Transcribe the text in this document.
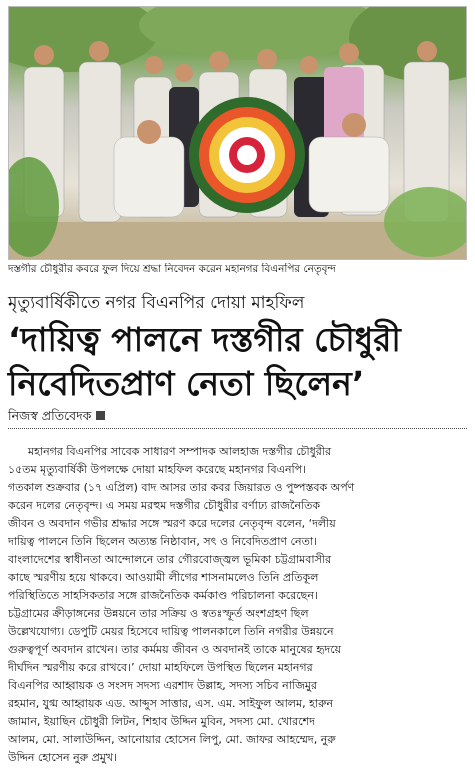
দস্তগীর চৌধুরীর কবরে ফুল দিয়ে শ্রদ্ধা নিবেদন করেন মহানগর বিএনপির নেতৃবৃন্দ
মৃত্যুবার্ষিকীতে নগর বিএনপির দোয়া মাহফিল
‘দায়িত্ব পালনে দস্তগীর চৌধুরী
নিবেদিতপ্রাণ নেতা ছিলেন’
নিজস্ব প্রতিবেদক
মহানগর বিএনপির সাবেক সাধারণ সম্পাদক আলহাজ দস্তগীর চৌধুরীর
১৫তম মৃত্যুবার্ষিকী উপলক্ষে দোয়া মাহফিল করেছে মহানগর বিএনপি।
গতকাল শুক্রবার (১৭ এপ্রিল) বাদ আসর তার কবর জিয়ারত ও পুষ্পস্তবক অর্পণ
করেন দলের নেতৃবৃন্দ। এ সময় মরহুম দস্তগীর চৌধুরীর বর্ণাঢ্য রাজনৈতিক
জীবন ও অবদান গভীর শ্রদ্ধার সঙ্গে স্মরণ করে দলের নেতৃবৃন্দ বলেন, ‘দলীয়
দায়িত্ব পালনে তিনি ছিলেন অত্যন্ত নিষ্ঠাবান, সৎ ও নিবেদিতপ্রাণ নেতা।
বাংলাদেশের স্বাধীনতা আন্দোলনে তার গৌরবোজ্জ্বল ভূমিকা চট্টগ্রামবাসীর
কাছে স্মরণীয় হয়ে থাকবে। আওয়ামী লীগের শাসনামলেও তিনি প্রতিকূল
পরিস্থিতিতে সাহসিকতার সঙ্গে রাজনৈতিক কর্মকাণ্ড পরিচালনা করেছেন।
চট্টগ্রামের ক্রীড়াঙ্গনের উন্নয়নে তার সক্রিয় ও স্বতঃস্ফূর্ত অংশগ্রহণ ছিল
উল্লেখযোগ্য। ডেপুটি মেয়র হিসেবে দায়িত্ব পালনকালে তিনি নগরীর উন্নয়নে
গুরুত্বপূর্ণ অবদান রাখেন। তার কর্মময় জীবন ও অবদানই তাকে মানুষের হৃদয়ে
দীর্ঘদিন স্মরণীয় করে রাখবে।’ দোয়া মাহফিলে উপস্থিত ছিলেন মহানগর
বিএনপির আহ্বায়ক ও সংসদ সদস্য এরশাদ উল্লাহ, সদস্য সচিব নাজিমুর
রহমান, যুগ্ম আহ্বায়ক এড. আব্দুস সাত্তার, এস. এম. সাইফুল আলম, হারুন
জামান, ইয়াছিন চৌধুরী লিটন, শিহাব উদ্দিন মুবিন, সদস্য মো. খোরশেদ
আলম, মো. সালাউদ্দিন, আনোয়ার হোসেন লিপু, মো. জাফর আহম্মেদ, নুরু
উদ্দিন হোসেন নুরু প্রমুখ।
